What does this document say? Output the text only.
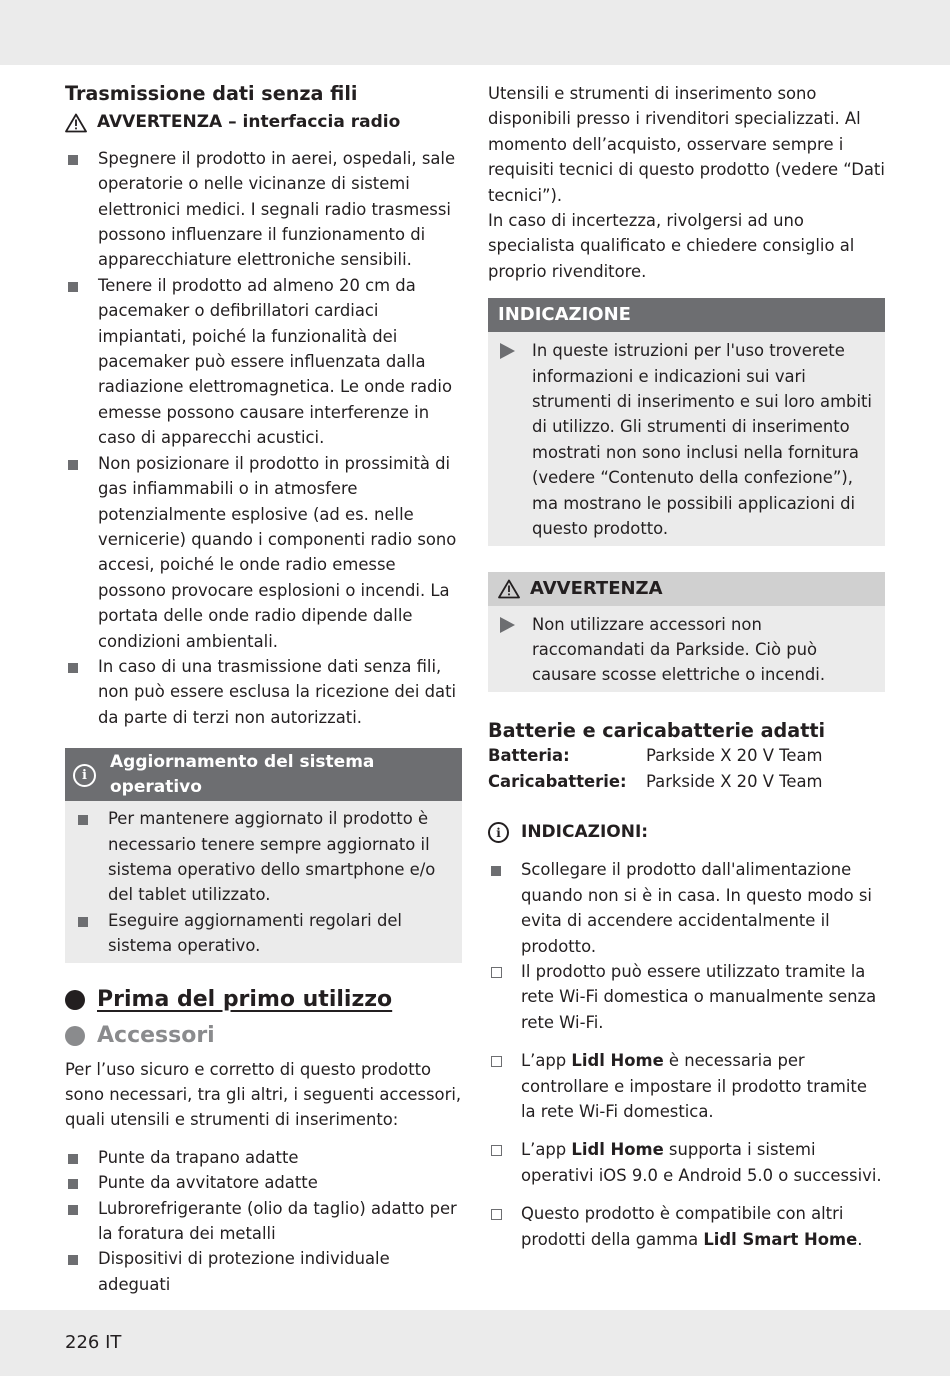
Trasmissione dati senza fili
AVVERTENZA – interfaccia radio
Spegnere il prodotto in aerei, ospedali, sale operatorie o nelle vicinanze di sistemi elettronici medici. I segnali radio trasmessi possono influenzare il funzionamento di apparecchiature elettroniche sensibili.
Tenere il prodotto ad almeno 20 cm da pacemaker o defibrillatori cardiaci impiantati, poiché la funzionalità dei pacemaker può essere influenzata dalla radiazione elettromagnetica. Le onde radio emesse possono causare interferenze in caso di apparecchi acustici.
Non posizionare il prodotto in prossimità di gas infiammabili o in atmosfere potenzialmente esplosive (ad es. nelle vernicerie) quando i componenti radio sono accesi, poiché le onde radio emesse possono provocare esplosioni o incendi. La portata delle onde radio dipende dalle condizioni ambientali.
In caso di una trasmissione dati senza fili, non può essere esclusa la ricezione dei dati da parte di terzi non autorizzati.
i
Aggiornamento del sistema operativo
Per mantenere aggiornato il prodotto è necessario tenere sempre aggiornato il sistema operativo dello smartphone e/o del tablet utilizzato.
Eseguire aggiornamenti regolari del sistema operativo.
Prima del primo utilizzo
Accessori

Per l’uso sicuro e corretto di questo prodotto sono necessari, tra gli altri, i seguenti accessori, quali utensili e strumenti di inserimento:

Punte da trapano adatte
Punte da avvitatore adatte
Lubrorefrigerante (olio da taglio) adatto per la foratura dei metalli
Dispositivi di protezione individuale adeguati
Utensili e strumenti di inserimento sono disponibili presso i rivenditori specializzati. Al momento dell’acquisto, osservare sempre i requisiti tecnici di questo prodotto (vedere “Dati tecnici”).
In caso di incertezza, rivolgersi ad uno specialista qualificato e chiedere consiglio al proprio rivenditore.
INDICAZIONE
In queste istruzioni per l'uso troverete informazioni e indicazioni sui vari strumenti di inserimento e sui loro ambiti di utilizzo. Gli strumenti di inserimento mostrati non sono inclusi nella fornitura (vedere “Contenuto della confezione”), ma mostrano le possibili applicazioni di questo prodotto.
AVVERTENZA
Non utilizzare accessori non raccomandati da Parkside. Ciò può causare scosse elettriche o incendi.
Batterie e caricabatterie adatti
Batteria:	Parkside X 20 V Team
Caricabatterie:	Parkside X 20 V Team
i	INDICAZIONI:
Scollegare il prodotto dall'alimentazione quando non si è in casa. In questo modo si evita di accendere accidentalmente il prodotto.
Il prodotto può essere utilizzato tramite la rete Wi-Fi domestica o manualmente senza rete Wi-Fi.
L’app Lidl Home è necessaria per controllare e impostare il prodotto tramite la rete Wi-Fi domestica.
L’app Lidl Home supporta i sistemi operativi iOS 9.0 e Android 5.0 o successivi.
Questo prodotto è compatibile con altri prodotti della gamma Lidl Smart Home.
226 IT
